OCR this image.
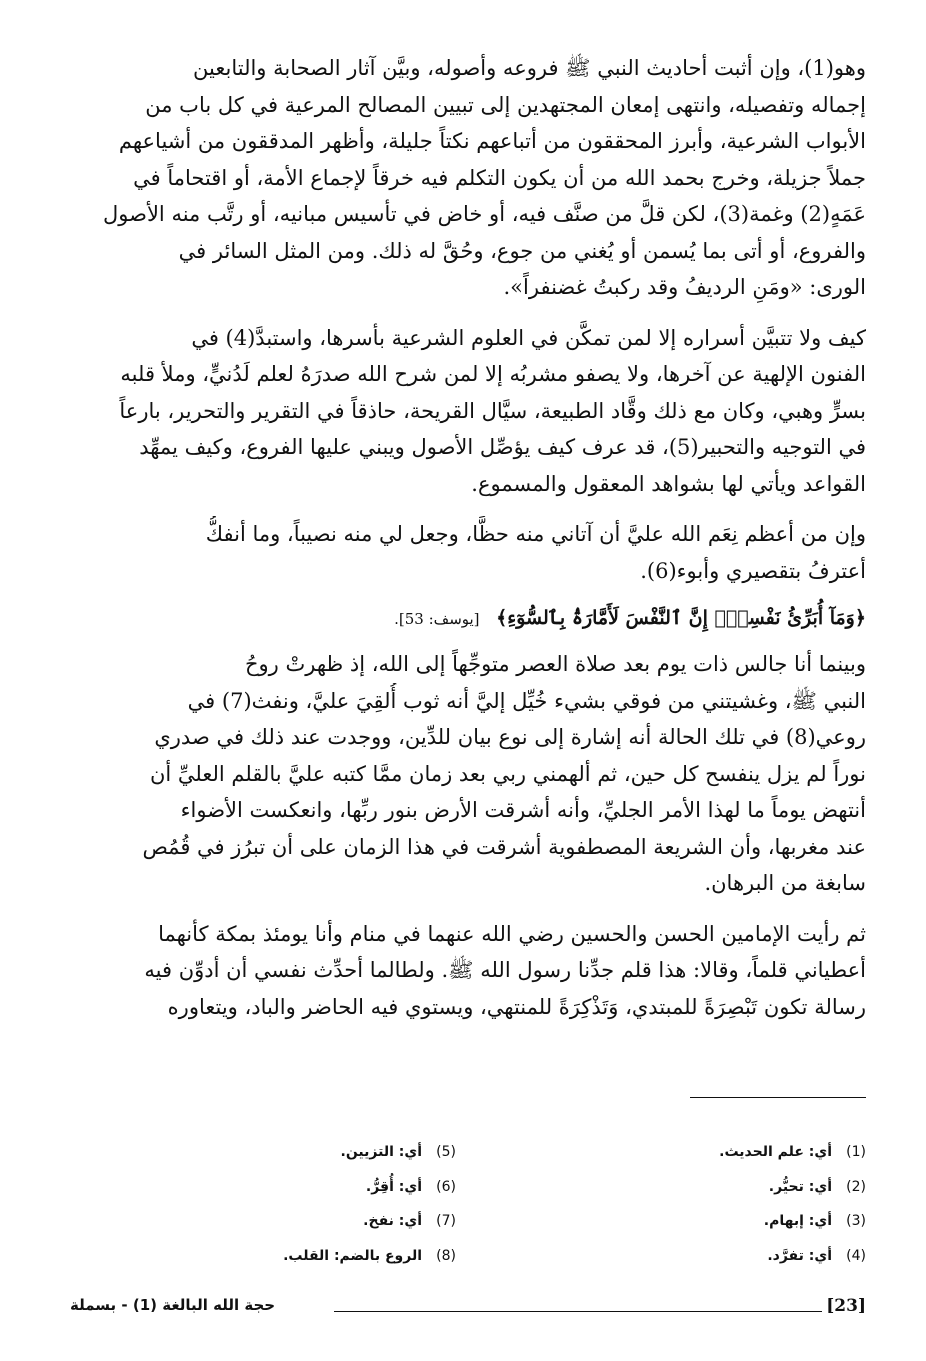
وهو(1)، وإن أثبت أحاديث النبي ﷺ فروعه وأصوله، وبيَّن آثار الصحابة والتابعين
إجماله وتفصيله، وانتهى إمعان المجتهدين إلى تبيين المصالح المرعية في كل باب من
الأبواب الشرعية، وأبرز المحققون من أتباعهم نكتاً جليلة، وأظهر المدققون من أشياعهم
جملاً جزيلة، وخرج بحمد الله من أن يكون التكلم فيه خرقاً لإجماع الأمة، أو اقتحاماً في
عَمَهٍ(2) وغمة(3)، لكن قلَّ من صنَّف فيه، أو خاض في تأسيس مبانيه، أو رتَّب منه الأصول
والفروع، أو أتى بما يُسمن أو يُغني من جوع، وحُقَّ له ذلك. ومن المثل السائر في
الورى: «ومَنِ الرديفُ وقد ركبتُ غضنفراً».

كيف ولا تتبيَّن أسراره إلا لمن تمكَّن في العلوم الشرعية بأسرها، واستبدَّ(4) في
الفنون الإلهية عن آخرها، ولا يصفو مشربُه إلا لمن شرح الله صدرَهُ لعلم لَدُنيٍّ، وملأ قلبه
بسرٍّ وهبي، وكان مع ذلك وقَّاد الطبيعة، سيَّال القريحة، حاذقاً في التقرير والتحرير، بارعاً
في التوجيه والتحبير(5)، قد عرف كيف يؤصِّل الأصول ويبني عليها الفروع، وكيف يمهِّد
القواعد ويأتي لها بشواهد المعقول والمسموع.

وإن من أعظم نِعَم الله عليَّ أن آتاني منه حظًّا، وجعل لي منه نصيباً، وما أنفكُّ
أعترفُ بتقصيري وأبوء(6).

﴿وَمَآ أُبَرِّئُ نَفْسِيٓۚ إِنَّ ٱلنَّفْسَ لَأَمَّارَةُۢ بِٱلسُّوٓءِ﴾ [يوسف: 53].

وبينما أنا جالس ذات يوم بعد صلاة العصر متوجِّهاً إلى الله، إذ ظهرتْ روحُ
النبي ﷺ، وغشيتني من فوقي بشيء خُيِّل إليَّ أنه ثوب أُلقِيَ عليَّ، ونفث(7) في
روعي(8) في تلك الحالة أنه إشارة إلى نوع بيان للدِّين، ووجدت عند ذلك في صدري
نوراً لم يزل ينفسح كل حين، ثم ألهمني ربي بعد زمان ممَّا كتبه عليَّ بالقلم العليِّ أن
أنتهض يوماً ما لهذا الأمر الجليِّ، وأنه أشرقت الأرض بنور ربِّها، وانعكست الأضواء
عند مغربها، وأن الشريعة المصطفوية أشرقت في هذا الزمان على أن تبرُز في قُمُص
سابغة من البرهان.

ثم رأيت الإمامين الحسن والحسين رضي الله عنهما في منام وأنا يومئذ بمكة كأنهما
أعطياني قلماً، وقالا: هذا قلم جدِّنا رسول الله ﷺ. ولطالما أحدِّث نفسي أن أدوِّن فيه
رسالة تكون تَبْصِرَةً للمبتدي، وَتَذْكِرَةً للمنتهي، ويستوي فيه الحاضر والباد، ويتعاوره

(1)أي: علم الحديث.
(2)أي: تحيُّر.
(3)أي: إبهام.
(4)أي: تفرَّد.
(5)أي: التزيين.
(6)أي: أُقِرُّ.
(7)أي: نفخ.
(8)الروع بالضم: القلب.
[23]
حجة الله البالغة (1) - بسملة
